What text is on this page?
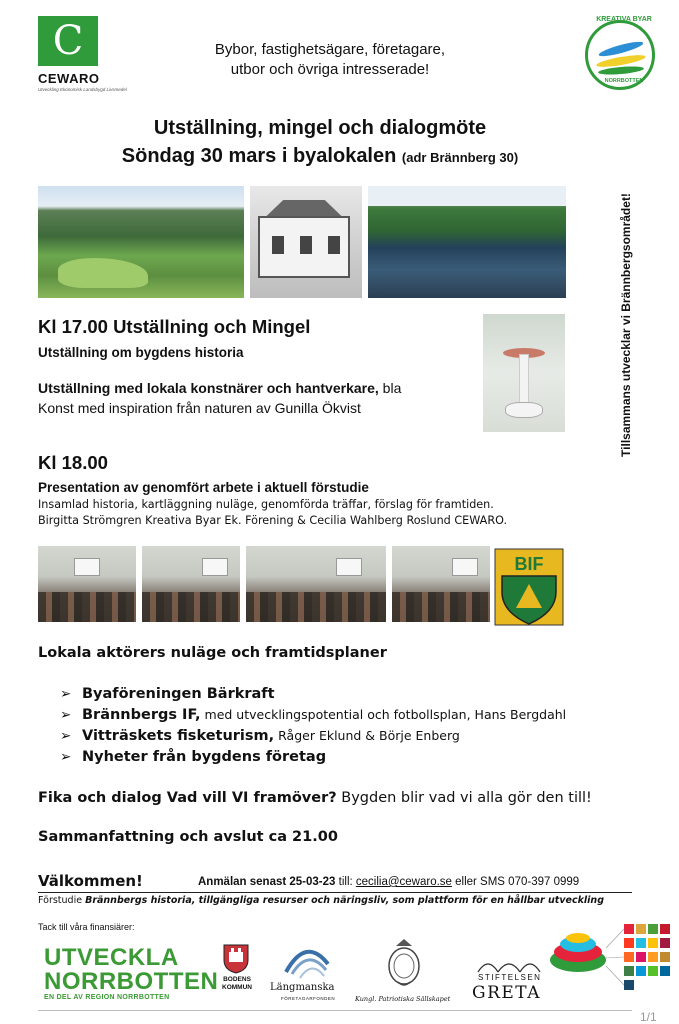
C
CEWARO
Utveckling Ekonomisk Landsbygd Livsmedel
Bybor, fastighetsägare, företagare,
utbor och övriga intresserade!
KREATIVA BYAR
NORRBOTTEN
Utställning, mingel och dialogmöte
Söndag 30 mars i byalokalen (adr Brännberg 30)
Tillsammans utvecklar vi Brännbergsområdet!
Kl 17.00 Utställning och Mingel
Utställning om bygdens historia
Utställning med lokala konstnärer och hantverkare, bla
Konst med inspiration från naturen av Gunilla Ökvist
Kl 18.00
Presentation av genomfört arbete i aktuell förstudie
Insamlad historia, kartläggning nuläge, genomförda träffar, förslag för framtiden.
Birgitta Strömgren Kreativa Byar Ek. Förening & Cecilia Wahlberg Roslund CEWARO.
BIF
Lokala aktörers nuläge och framtidsplaner
➢ Byaföreningen Bärkraft
➢ Brännbergs IF, med utvecklingspotential och fotbollsplan, Hans Bergdahl
➢ Vitträskets fisketurism, Råger Eklund & Börje Enberg
➢ Nyheter från bygdens företag
Fika och dialog Vad vill VI framöver? Bygden blir vad vi alla gör den till!
Sammanfattning och avslut ca 21.00
Välkommen!	Anmälan senast 25-03-23 till: cecilia@cewaro.se eller SMS 070-397 0999
Förstudie Brännbergs historia, tillgängliga resurser och näringsliv, som plattform för en hållbar utveckling
Tack till våra finansiärer:
UTVECKLA
NORRBOTTEN
EN DEL AV REGION NORRBOTTEN
BODENS
KOMMUN	Längmanska
FÖRETAGARFONDEN	Kungl. Patriotiska Sällskapet
STIFTELSEN
GRETA
1/1
